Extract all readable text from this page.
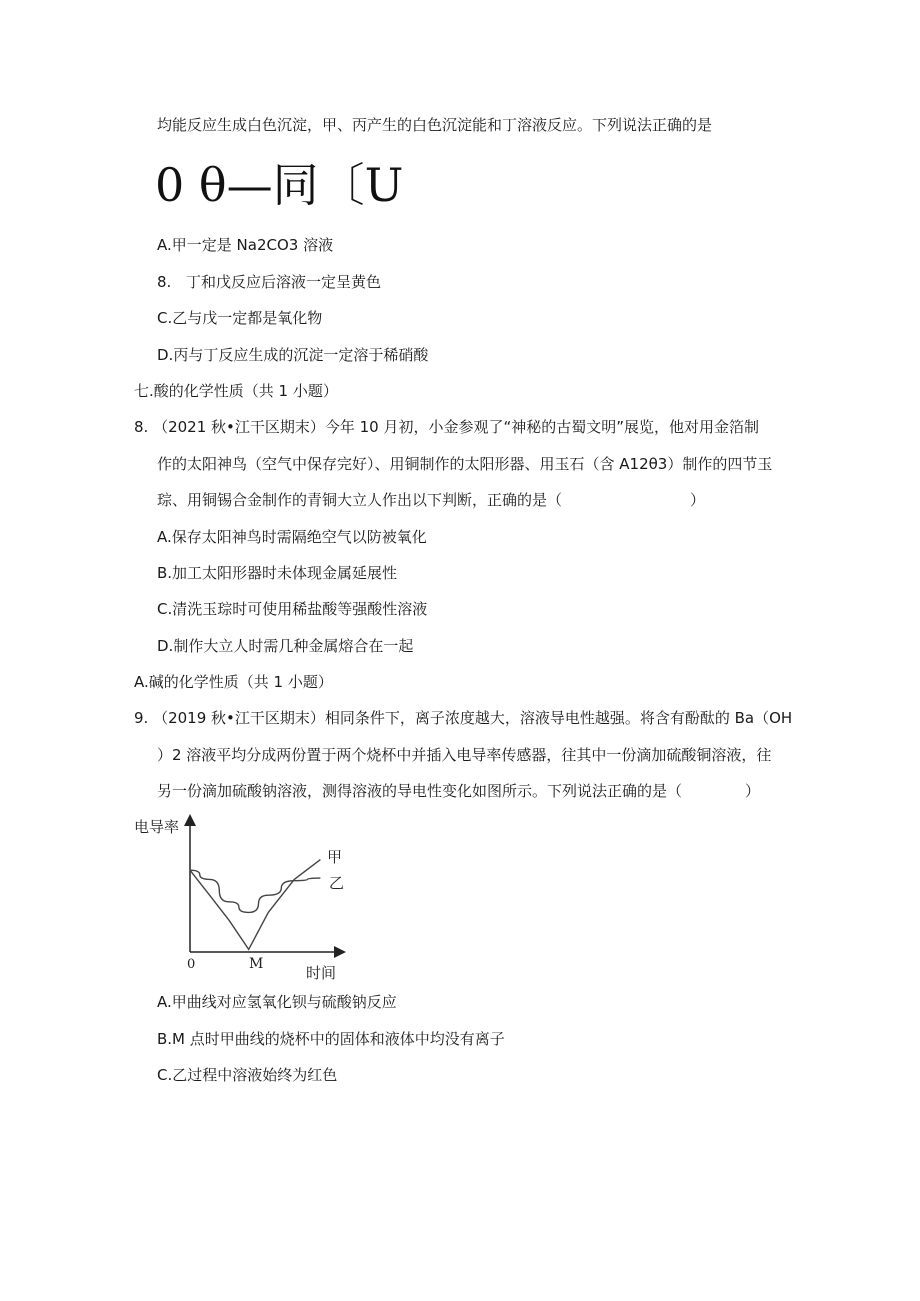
均能反应生成白色沉淀，甲、丙产生的白色沉淀能和丁溶液反应。下列说法正确的是
0 θ—同〔U
A.甲一定是 Na2CO3 溶液
8. 丁和戊反应后溶液一定呈黄色
C.乙与戊一定都是氧化物
D.丙与丁反应生成的沉淀一定溶于稀硝酸
七.酸的化学性质（共 1 小题）
8. （2021 秋•江干区期末）今年 10 月初，小金参观了“神秘的古蜀文明”展览，他对用金箔制
作的太阳神鸟（空气中保存完好）、用铜制作的太阳形器、用玉石（含 A12θ3）制作的四节玉
琮、用铜锡合金制作的青铜大立人作出以下判断，正确的是（	）
A.保存太阳神鸟时需隔绝空气以防被氧化
B.加工太阳形器时未体现金属延展性
C.清洗玉琮时可使用稀盐酸等强酸性溶液
D.制作大立人时需几种金属熔合在一起
A.碱的化学性质（共 1 小题）
9. （2019 秋•江干区期末）相同条件下，离子浓度越大，溶液导电性越强。将含有酚酞的 Ba（OH
）2 溶液平均分成两份置于两个烧杯中并插入电导率传感器，往其中一份滴加硫酸铜溶液，往
另一份滴加硫酸钠溶液，测得溶液的导电性变化如图所示。下列说法正确的是（	）
电导率
时间
0	M
甲
乙
A.甲曲线对应氢氧化钡与硫酸钠反应
B.M 点时甲曲线的烧杯中的固体和液体中均没有离子
C.乙过程中溶液始终为红色
